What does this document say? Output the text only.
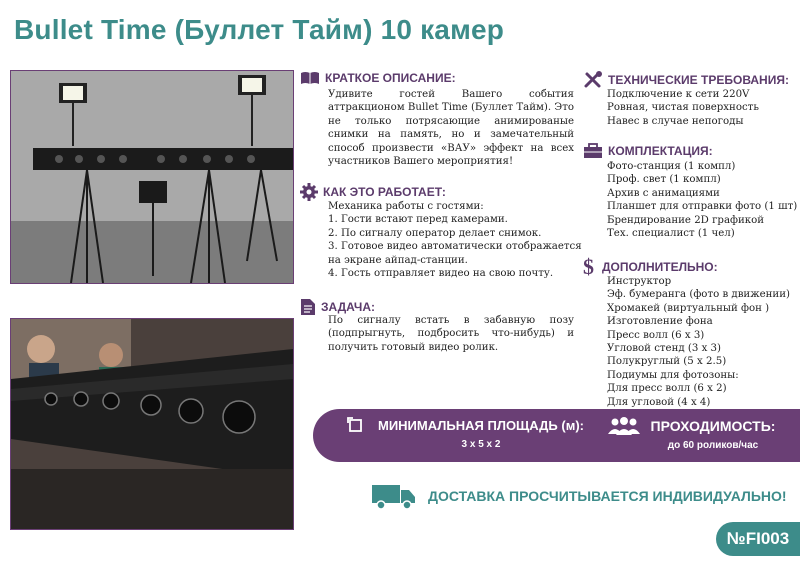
Bullet Time (Буллет Тайм) 10 камер
КРАТКОЕ ОПИСАНИЕ:
Удивите гостей Вашего события аттракционом Bullet Time (Буллет Тайм). Это не только потрясающие анимированые снимки на память, но и замечательный способ произвести «ВАУ» эффект на всех участников Вашего мероприятия!
КАК ЭТО РАБОТАЕТ:
Механика работы с гостями:
1. Гости встают перед камерами.
2. По сигналу оператор делает снимок.
3. Готовое видео автоматически отображается
на экране айпад-станции.
4. Гость отправляет видео на свою почту.
ЗАДАЧА:
По сигналу встать в забавную позу (подпрыгнуть, подбросить что-нибудь) и получить готовый видео ролик.
ТЕХНИЧЕСКИЕ ТРЕБОВАНИЯ:
Подключение к сети 220V
Ровная, чистая поверхность
Навес в случае непогоды
КОМПЛЕКТАЦИЯ:
Фото-станция (1 компл)
Проф. свет (1 компл)
Архив с анимациями
Планшет для отправки фото (1 шт)
Брендирование 2D графикой
Тех. специалист (1 чел)
$ ДОПОЛНИТЕЛЬНО:
Инструктор
Эф. бумеранга (фото в движении)
Хромакей (виртуальный фон )
Изготовление фона
Пресс волл (6 х 3)
Угловой стенд (3 х 3)
Полукруглый (5 х 2.5)
Подиумы для фотозоны:
Для пресс волл (6 х 2)
Для угловой (4 х 4)
МИНИМАЛЬНАЯ ПЛОЩАДЬ (м):
3 х 5 х 2
ПРОХОДИМОСТЬ:
до 60 роликов/час
ДОСТАВКА ПРОСЧИТЫВАЕТСЯ ИНДИВИДУАЛЬНО!
№FI003
